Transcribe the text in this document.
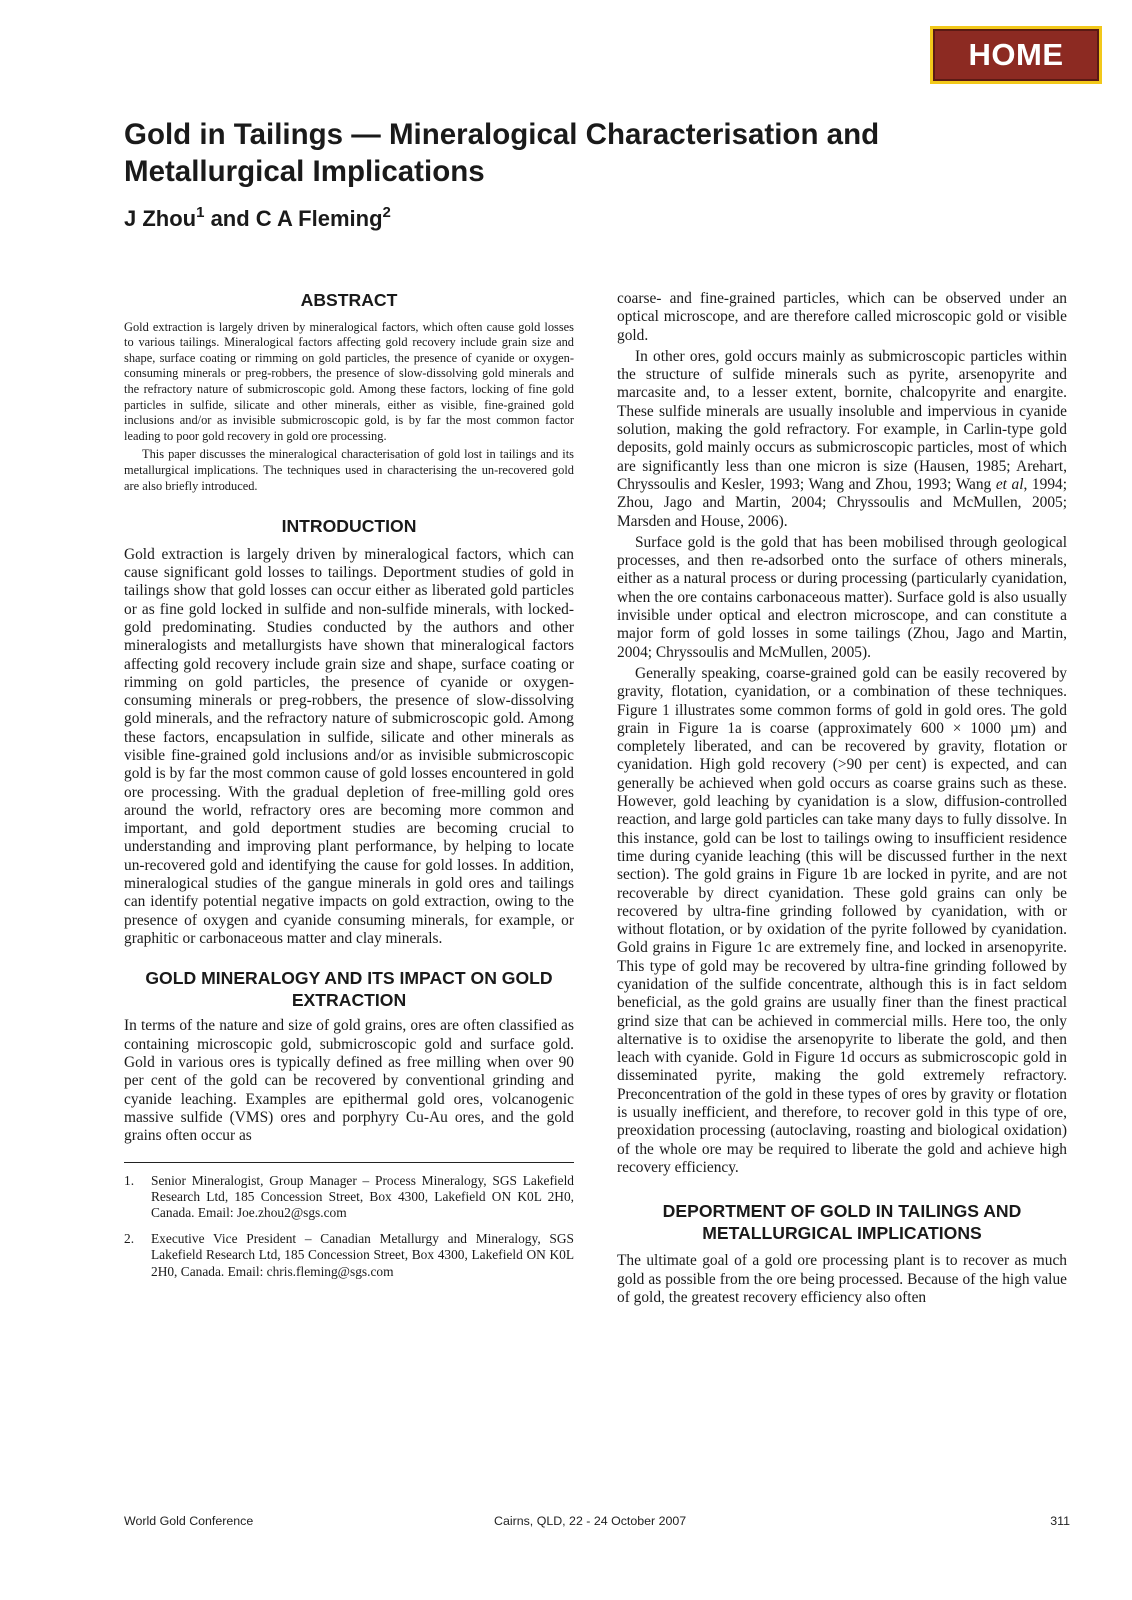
HOME
Gold in Tailings — Mineralogical Characterisation and Metallurgical Implications
J Zhou$^1$ and C A Fleming$^2$
ABSTRACT

Gold extraction is largely driven by mineralogical factors, which often cause gold losses to various tailings. Mineralogical factors affecting gold recovery include grain size and shape, surface coating or rimming on gold particles, the presence of cyanide or oxygen-consuming minerals or preg-robbers, the presence of slow-dissolving gold minerals and the refractory nature of submicroscopic gold. Among these factors, locking of fine gold particles in sulfide, silicate and other minerals, either as visible, fine-grained gold inclusions and/or as invisible submicroscopic gold, is by far the most common factor leading to poor gold recovery in gold ore processing.

This paper discusses the mineralogical characterisation of gold lost in tailings and its metallurgical implications. The techniques used in characterising the un-recovered gold are also briefly introduced.

INTRODUCTION

Gold extraction is largely driven by mineralogical factors, which can cause significant gold losses to tailings. Deportment studies of gold in tailings show that gold losses can occur either as liberated gold particles or as fine gold locked in sulfide and non-sulfide minerals, with locked-gold predominating. Studies conducted by the authors and other mineralogists and metallurgists have shown that mineralogical factors affecting gold recovery include grain size and shape, surface coating or rimming on gold particles, the presence of cyanide or oxygen-consuming minerals or preg-robbers, the presence of slow-dissolving gold minerals, and the refractory nature of submicroscopic gold. Among these factors, encapsulation in sulfide, silicate and other minerals as visible fine-grained gold inclusions and/or as invisible submicroscopic gold is by far the most common cause of gold losses encountered in gold ore processing. With the gradual depletion of free-milling gold ores around the world, refractory ores are becoming more common and important, and gold deportment studies are becoming crucial to understanding and improving plant performance, by helping to locate un-recovered gold and identifying the cause for gold losses. In addition, mineralogical studies of the gangue minerals in gold ores and tailings can identify potential negative impacts on gold extraction, owing to the presence of oxygen and cyanide consuming minerals, for example, or graphitic or carbonaceous matter and clay minerals.

GOLD MINERALOGY AND ITS IMPACT ON GOLD EXTRACTION

In terms of the nature and size of gold grains, ores are often classified as containing microscopic gold, submicroscopic gold and surface gold. Gold in various ores is typically defined as free milling when over 90 per cent of the gold can be recovered by conventional grinding and cyanide leaching. Examples are epithermal gold ores, volcanogenic massive sulfide (VMS) ores and porphyry Cu-Au ores, and the gold grains often occur as

1.	Senior Mineralogist, Group Manager – Process Mineralogy, SGS Lakefield Research Ltd, 185 Concession Street, Box 4300, Lakefield ON K0L 2H0, Canada. Email: Joe.zhou2@sgs.com
2.	Executive Vice President – Canadian Metallurgy and Mineralogy, SGS Lakefield Research Ltd, 185 Concession Street, Box 4300, Lakefield ON K0L 2H0, Canada. Email: chris.fleming@sgs.com

coarse- and fine-grained particles, which can be observed under an optical microscope, and are therefore called microscopic gold or visible gold.

In other ores, gold occurs mainly as submicroscopic particles within the structure of sulfide minerals such as pyrite, arsenopyrite and marcasite and, to a lesser extent, bornite, chalcopyrite and enargite. These sulfide minerals are usually insoluble and impervious in cyanide solution, making the gold refractory. For example, in Carlin-type gold deposits, gold mainly occurs as submicroscopic particles, most of which are significantly less than one micron is size (Hausen, 1985; Arehart, Chryssoulis and Kesler, 1993; Wang and Zhou, 1993; Wang et al, 1994; Zhou, Jago and Martin, 2004; Chryssoulis and McMullen, 2005; Marsden and House, 2006).

Surface gold is the gold that has been mobilised through geological processes, and then re-adsorbed onto the surface of others minerals, either as a natural process or during processing (particularly cyanidation, when the ore contains carbonaceous matter). Surface gold is also usually invisible under optical and electron microscope, and can constitute a major form of gold losses in some tailings (Zhou, Jago and Martin, 2004; Chryssoulis and McMullen, 2005).

Generally speaking, coarse-grained gold can be easily recovered by gravity, flotation, cyanidation, or a combination of these techniques. Figure 1 illustrates some common forms of gold in gold ores. The gold grain in Figure 1a is coarse (approximately 600 × 1000 µm) and completely liberated, and can be recovered by gravity, flotation or cyanidation. High gold recovery (>90 per cent) is expected, and can generally be achieved when gold occurs as coarse grains such as these. However, gold leaching by cyanidation is a slow, diffusion-controlled reaction, and large gold particles can take many days to fully dissolve. In this instance, gold can be lost to tailings owing to insufficient residence time during cyanide leaching (this will be discussed further in the next section). The gold grains in Figure 1b are locked in pyrite, and are not recoverable by direct cyanidation. These gold grains can only be recovered by ultra-fine grinding followed by cyanidation, with or without flotation, or by oxidation of the pyrite followed by cyanidation. Gold grains in Figure 1c are extremely fine, and locked in arsenopyrite. This type of gold may be recovered by ultra-fine grinding followed by cyanidation of the sulfide concentrate, although this is in fact seldom beneficial, as the gold grains are usually finer than the finest practical grind size that can be achieved in commercial mills. Here too, the only alternative is to oxidise the arsenopyrite to liberate the gold, and then leach with cyanide. Gold in Figure 1d occurs as submicroscopic gold in disseminated pyrite, making the gold extremely refractory. Preconcentration of the gold in these types of ores by gravity or flotation is usually inefficient, and therefore, to recover gold in this type of ore, preoxidation processing (autoclaving, roasting and biological oxidation) of the whole ore may be required to liberate the gold and achieve high recovery efficiency.

DEPORTMENT OF GOLD IN TAILINGS AND METALLURGICAL IMPLICATIONS

The ultimate goal of a gold ore processing plant is to recover as much gold as possible from the ore being processed. Because of the high value of gold, the greatest recovery efficiency also often

World Gold Conference	Cairns, QLD, 22 - 24 October 2007	311
